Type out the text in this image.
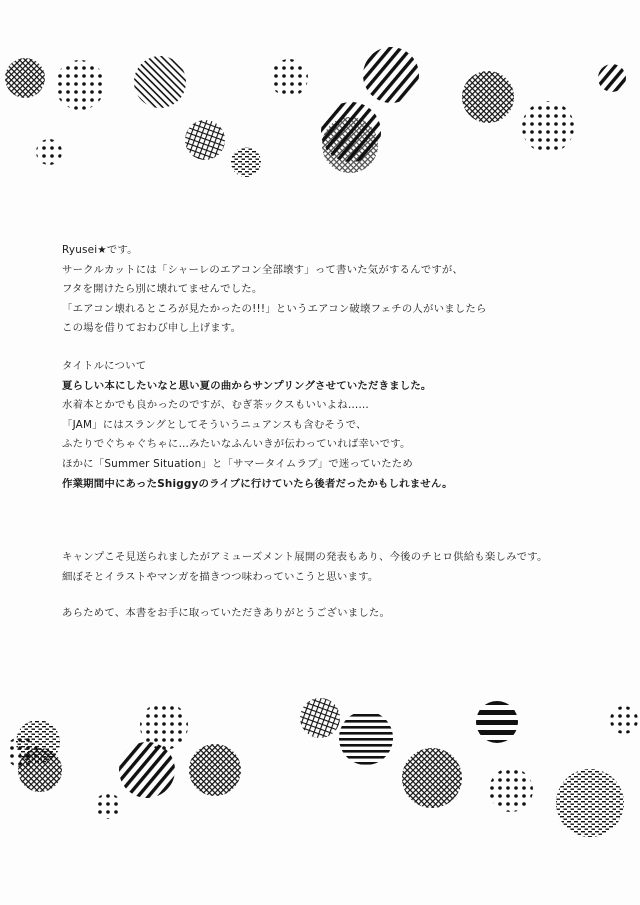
Ryusei★です。
サークルカットには「シャーレのエアコン全部壊す」って書いた気がするんですが、
フタを開けたら別に壊れてませんでした。
「エアコン壊れるところが見たかったの!!!」というエアコン破壊フェチの人がいましたら
この場を借りておわび申し上げます。
タイトルについて
夏らしい本にしたいなと思い夏の曲からサンプリングさせていただきました。
水着本とかでも良かったのですが、むぎ茶ックスもいいよね……
「JAM」にはスラングとしてそういうニュアンスも含むそうで、
ふたりでぐちゃぐちゃに…みたいなふんいきが伝わっていれば幸いです。
ほかに「Summer Situation」と「サマータイムラブ」で迷っていたため
作業期間中にあったShiggyのライブに行けていたら後者だったかもしれません。
キャンプこそ見送られましたがアミューズメント展開の発表もあり、今後のチヒロ供給も楽しみです。
細ぼそとイラストやマンガを描きつつ味わっていこうと思います。
あらためて、本書をお手に取っていただきありがとうございました。
